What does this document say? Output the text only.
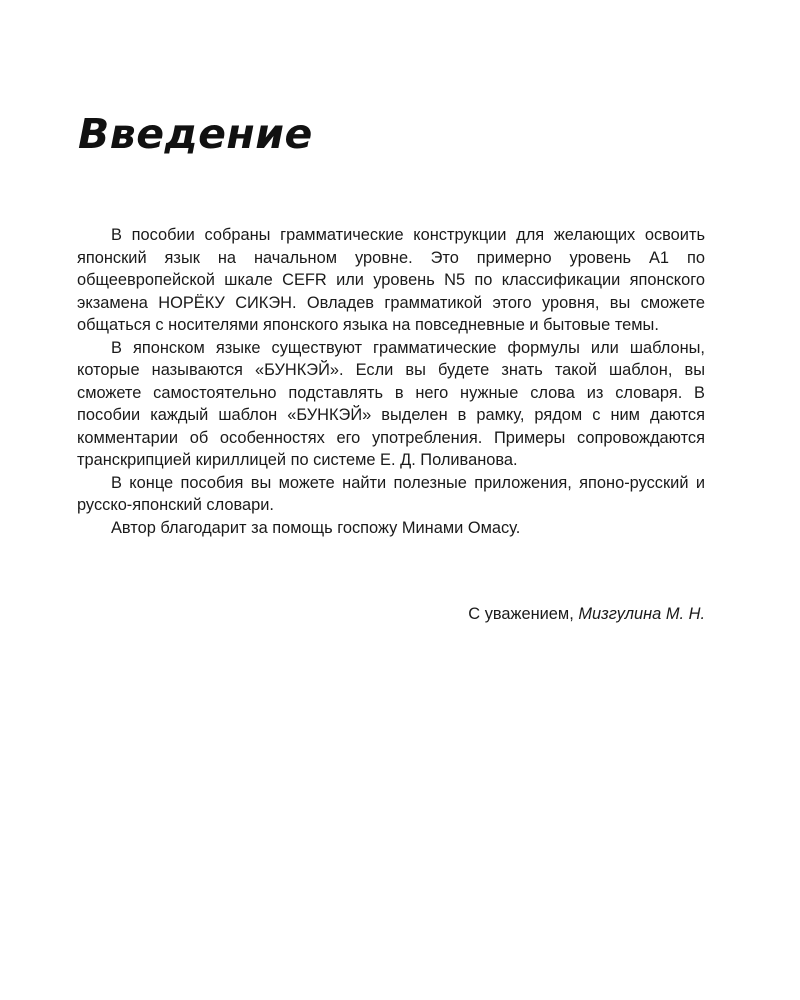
Введение

В пособии собраны грамматические конструкции для желающих освоить японский язык на начальном уровне. Это примерно уровень A1 по общеевропейской шкале CEFR или уровень N5 по классификации японского экзамена НОРЁКУ СИКЭН. Овладев грамматикой этого уровня, вы сможете общаться с носителями японского языка на повседневные и бытовые темы.

В японском языке существуют грамматические формулы или шаблоны, которые называются «БУНКЭЙ». Если вы будете знать такой шаблон, вы сможете самостоятельно подставлять в него нужные слова из словаря. В пособии каждый шаблон «БУНКЭЙ» выделен в рамку, рядом с ним даются комментарии об особенностях его употребления. Примеры сопровождаются транскрипцией кириллицей по системе Е. Д. Поливанова.

В конце пособия вы можете найти полезные приложения, японо-русский и русско-японский словари.

Автор благодарит за помощь госпожу Минами Омасу.

С уважением, Мизгулина М. Н.
